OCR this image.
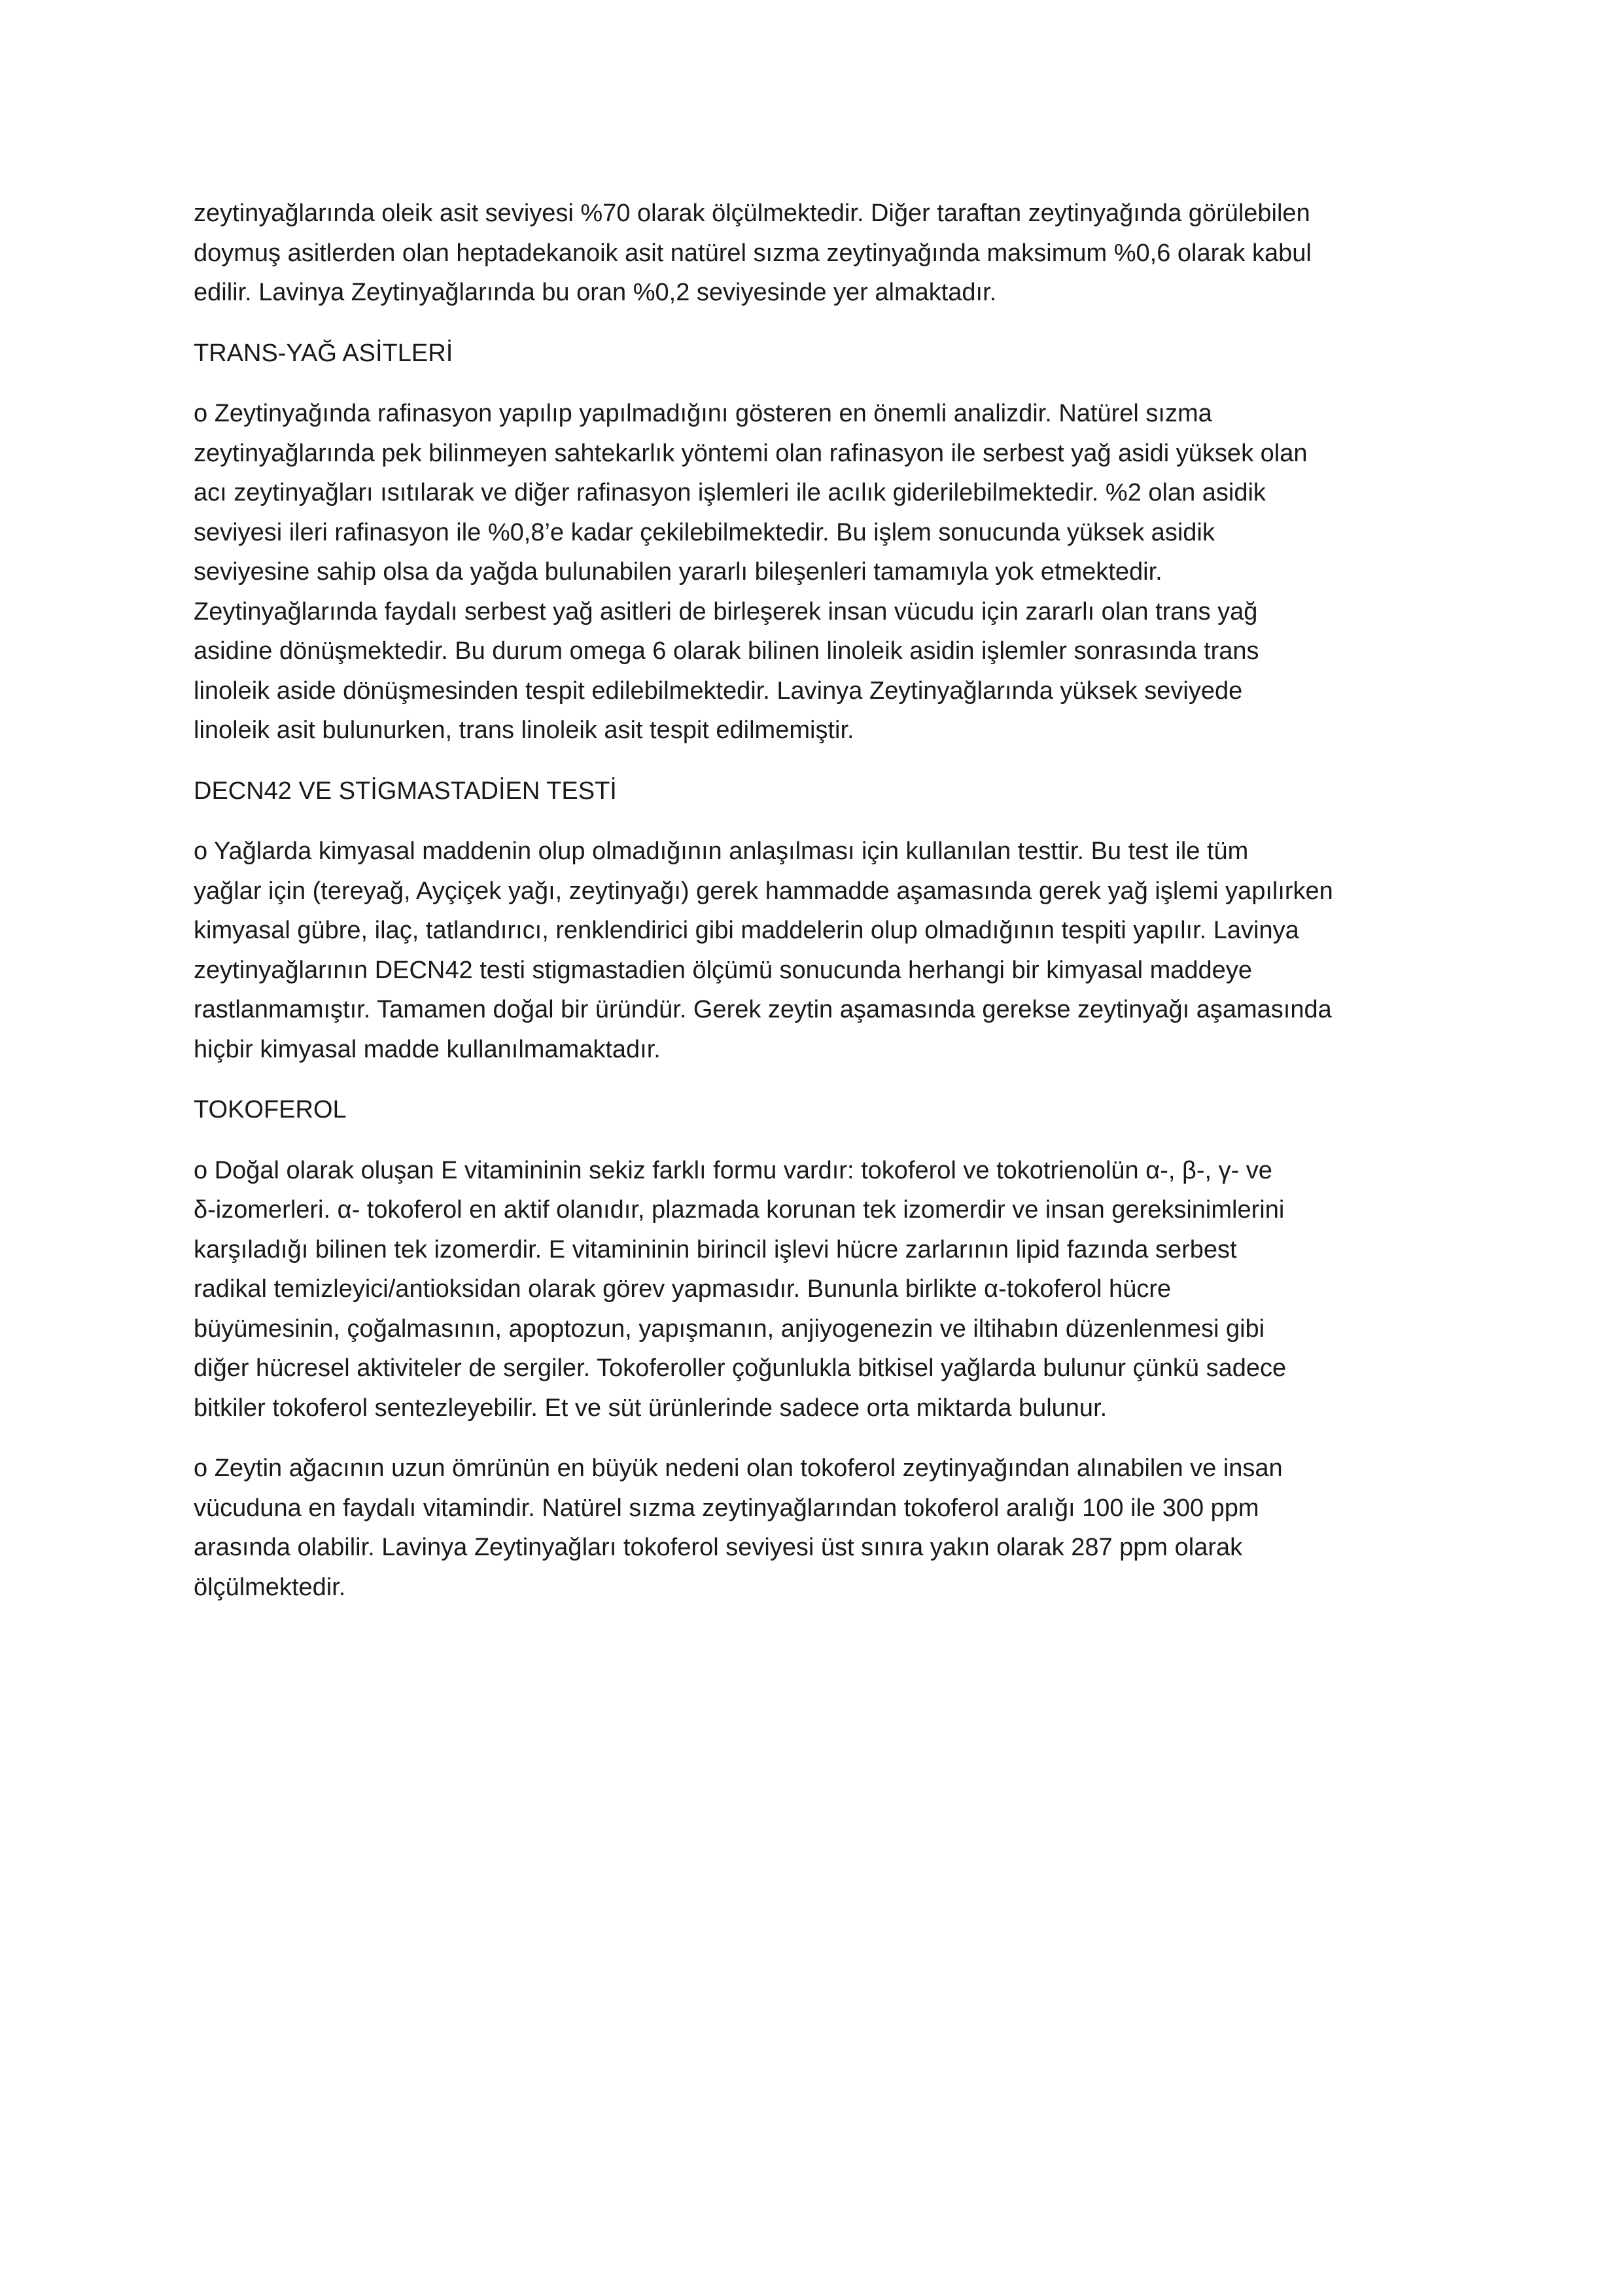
zeytinyağlarında oleik asit seviyesi %70 olarak ölçülmektedir. Diğer taraftan zeytinyağında görülebilen
doymuş asitlerden olan heptadekanoik asit natürel sızma zeytinyağında maksimum %0,6 olarak kabul
edilir. Lavinya Zeytinyağlarında bu oran %0,2 seviyesinde yer almaktadır.

TRANS-YAĞ ASİTLERİ

o Zeytinyağında rafinasyon yapılıp yapılmadığını gösteren en önemli analizdir. Natürel sızma
zeytinyağlarında pek bilinmeyen sahtekarlık yöntemi olan rafinasyon ile serbest yağ asidi yüksek olan
acı zeytinyağları ısıtılarak ve diğer rafinasyon işlemleri ile acılık giderilebilmektedir. %2 olan asidik
seviyesi ileri rafinasyon ile %0,8’e kadar çekilebilmektedir. Bu işlem sonucunda yüksek asidik
seviyesine sahip olsa da yağda bulunabilen yararlı bileşenleri tamamıyla yok etmektedir.
Zeytinyağlarında faydalı serbest yağ asitleri de birleşerek insan vücudu için zararlı olan trans yağ
asidine dönüşmektedir. Bu durum omega 6 olarak bilinen linoleik asidin işlemler sonrasında trans
linoleik aside dönüşmesinden tespit edilebilmektedir. Lavinya Zeytinyağlarında yüksek seviyede
linoleik asit bulunurken, trans linoleik asit tespit edilmemiştir.

DECN42 VE STİGMASTADİEN TESTİ

o Yağlarda kimyasal maddenin olup olmadığının anlaşılması için kullanılan testtir. Bu test ile tüm
yağlar için (tereyağ, Ayçiçek yağı, zeytinyağı) gerek hammadde aşamasında gerek yağ işlemi yapılırken
kimyasal gübre, ilaç, tatlandırıcı, renklendirici gibi maddelerin olup olmadığının tespiti yapılır. Lavinya
zeytinyağlarının DECN42 testi stigmastadien ölçümü sonucunda herhangi bir kimyasal maddeye
rastlanmamıştır. Tamamen doğal bir üründür. Gerek zeytin aşamasında gerekse zeytinyağı aşamasında
hiçbir kimyasal madde kullanılmamaktadır.

TOKOFEROL

o Doğal olarak oluşan E vitamininin sekiz farklı formu vardır: tokoferol ve tokotrienolün α-, β-, γ- ve
δ-izomerleri. α- tokoferol en aktif olanıdır, plazmada korunan tek izomerdir ve insan gereksinimlerini
karşıladığı bilinen tek izomerdir. E vitamininin birincil işlevi hücre zarlarının lipid fazında serbest
radikal temizleyici/antioksidan olarak görev yapmasıdır. Bununla birlikte α-tokoferol hücre
büyümesinin, çoğalmasının, apoptozun, yapışmanın, anjiyogenezin ve iltihabın düzenlenmesi gibi
diğer hücresel aktiviteler de sergiler. Tokoferoller çoğunlukla bitkisel yağlarda bulunur çünkü sadece
bitkiler tokoferol sentezleyebilir. Et ve süt ürünlerinde sadece orta miktarda bulunur.

o Zeytin ağacının uzun ömrünün en büyük nedeni olan tokoferol zeytinyağından alınabilen ve insan
vücuduna en faydalı vitamindir. Natürel sızma zeytinyağlarından tokoferol aralığı 100 ile 300 ppm
arasında olabilir. Lavinya Zeytinyağları tokoferol seviyesi üst sınıra yakın olarak 287 ppm olarak
ölçülmektedir.
